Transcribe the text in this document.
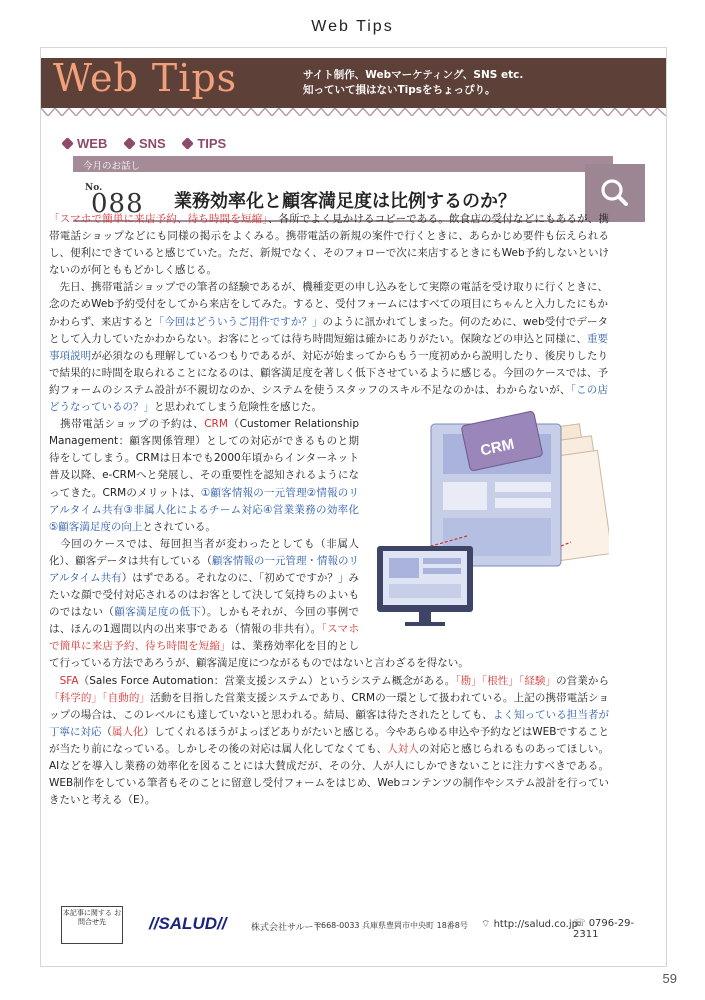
Web Tips
Web Tips	サイト制作、Webマーケティング、SNS etc.
知っていて損はないTipsをちょっぴり。
WEB SNS TIPS
今月のお話し
No.
088 業務効率化と顧客満足度は比例するのか？
CRM

「スマホで簡単に来店予約、待ち時間を短縮」、各所でよく見かけるコピーである。飲食店の受付などにもあるが、携帯電話ショップなどにも同様の掲示をよくみる。携帯電話の新規の案件で行くときに、あらかじめ要件も伝えられるし、便利にできていると感じていた。ただ、新規でなく、そのフォローで次に来店するときにもWeb予約しないといけないのが何とももどかしく感じる。

　先日、携帯電話ショップでの筆者の経験であるが、機種変更の申し込みをして実際の電話を受け取りに行くときに、念のためWeb予約受付をしてから来店をしてみた。すると、受付フォームにはすべての項目にちゃんと入力したにもかかわらず、来店すると「今回はどういうご用件ですか？」のように訊かれてしまった。何のために、web受付でデータとして入力していたかわからない。お客にとっては待ち時間短縮は確かにありがたい。保険などの申込と同様に、重要事項説明が必須なのも理解しているつもりであるが、対応が始まってからもう一度初めから説明したり、後戻りしたりで結果的に時間を取られることになるのは、顧客満足度を著しく低下させているように感じる。今回のケースでは、予約フォームのシステム設計が不親切なのか、システムを使うスタッフのスキル不足なのかは、わからないが、「この店どうなっているの？」と思われてしまう危険性を感じた。

　携帯電話ショップの予約は、CRM（Customer Relationship Management：顧客関係管理）としての対応ができるものと期待をしてしまう。CRMは日本でも2000年頃からインターネット普及以降、e-CRMへと発展し、その重要性を認知されるようになってきた。CRMのメリットは、①顧客情報の一元管理②情報のリアルタイム共有③非属人化によるチーム対応④営業業務の効率化⑤顧客満足度の向上とされている。

　今回のケースでは、毎回担当者が変わったとしても（非属人化）、顧客データは共有している（顧客情報の一元管理・情報のリアルタイム共有）はずである。それなのに、「初めてですか？」みたいな顔で受付対応されるのはお客として決して気持ちのよいものではない（顧客満足度の低下）。しかもそれが、今回の事例では、ほんの1週間以内の出来事である（情報の非共有）。「スマホで簡単に来店予約、待ち時間を短縮」は、業務効率化を目的として行っている方法であろうが、顧客満足度につながるものではないと言わざるを得ない。

　SFA（Sales Force Automation：営業支援システム）というシステム概念がある。「勘」「根性」「経験」の営業から「科学的」「自動的」活動を目指した営業支援システムであり、CRMの一環として扱われている。上記の携帯電話ショップの場合は、このレベルにも達していないと思われる。結局、顧客は待たされたとしても、よく知っている担当者が丁寧に対応（属人化）してくれるほうがよっぽどありがたいと感じる。今やあらゆる申込や予約などはWEBですることが当たり前になっている。しかしその後の対応は属人化してなくても、人対人の対応と感じられるものあってほしい。AIなどを導入し業務の効率化を図ることには大賛成だが、その分、人が人にしかできないことに注力すべきである。WEB制作をしている筆者もそのことに留意し受付フォームをはじめ、Webコンテンツの制作やシステム設計を行っていきたいと考える（E）。

本記事に関する お問合せ先	//SALUD//	株式会社サルード
〒668-0033 兵庫県豊岡市中央町 18番8号 ⌔ http://salud.co.jp
☏ 0796-29-2311
59
